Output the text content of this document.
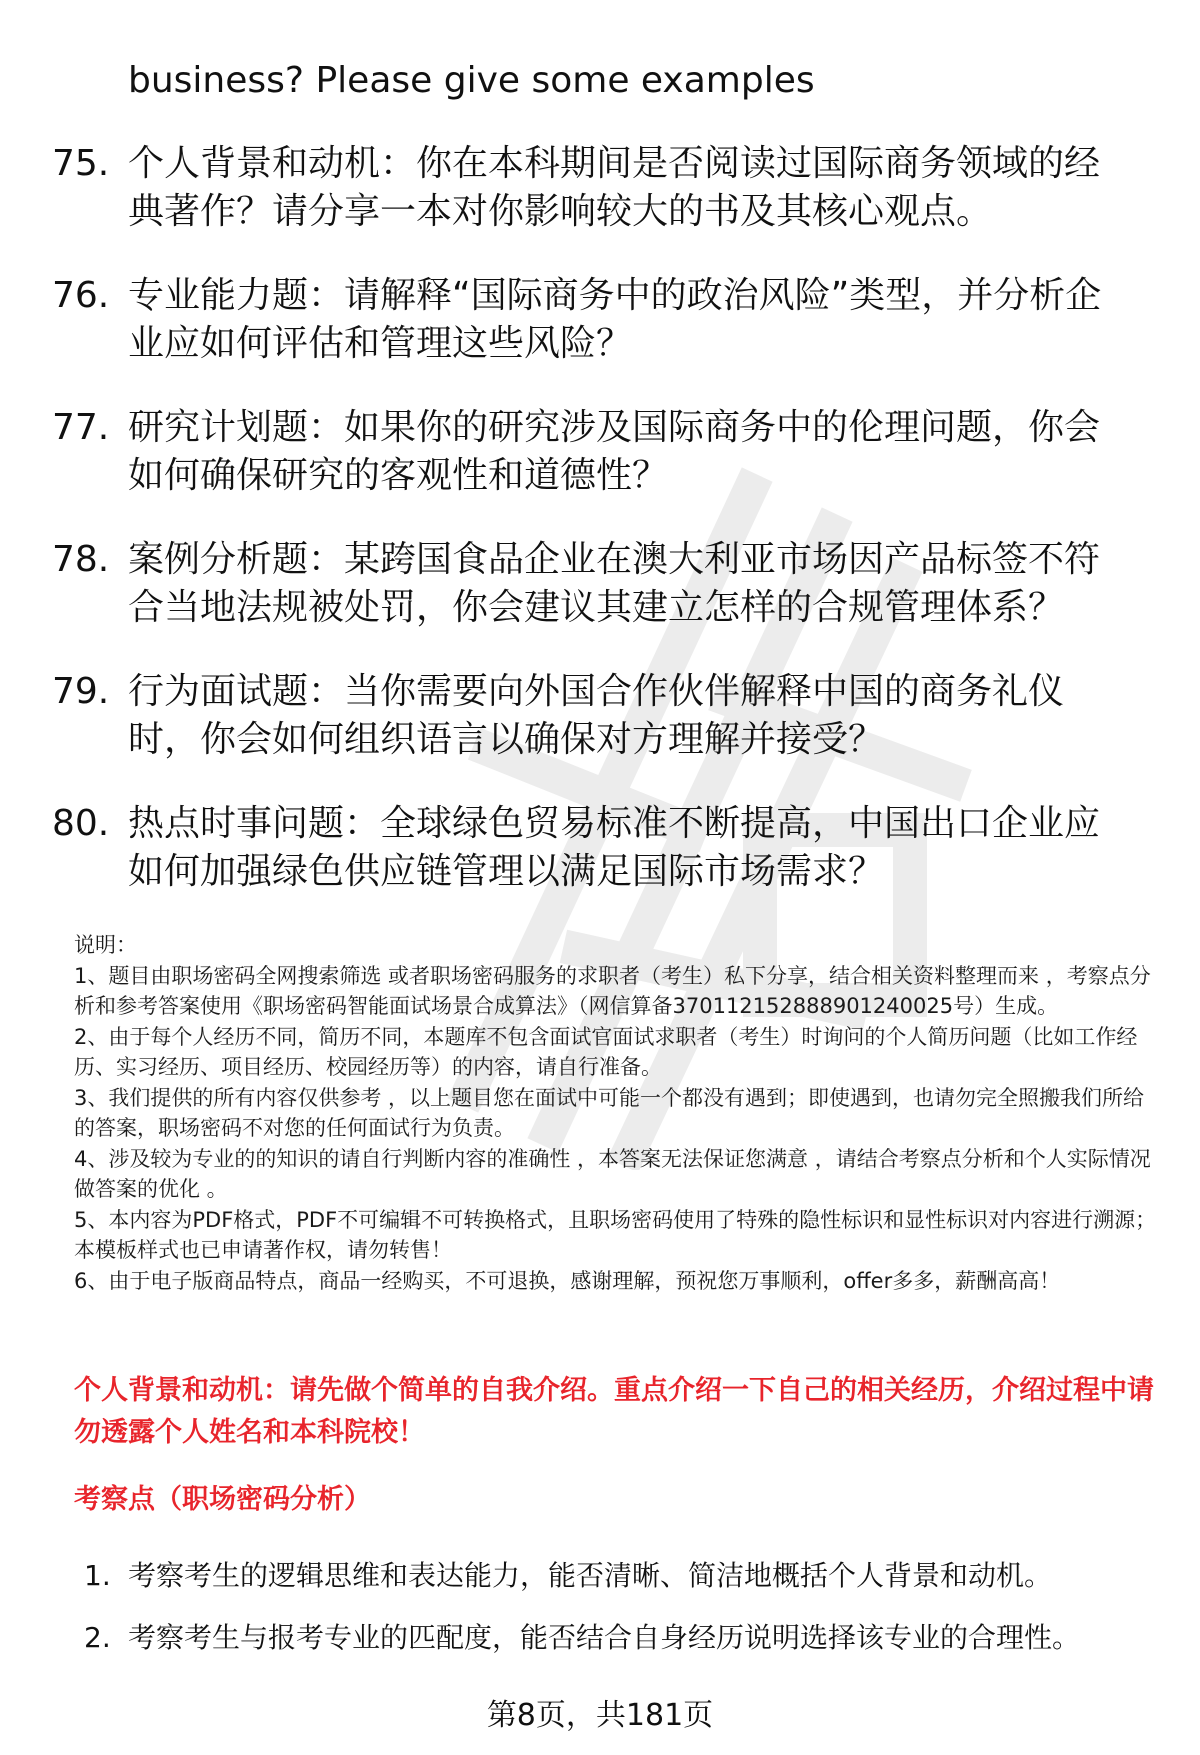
business? Please give some examples
75. 个人背景和动机：你在本科期间是否阅读过国际商务领域的经典著作？请分享一本对你影响较大的书及其核心观点。
76. 专业能力题：请解释“国际商务中的政治风险”类型，并分析企业应如何评估和管理这些风险？
77. 研究计划题：如果你的研究涉及国际商务中的伦理问题，你会如何确保研究的客观性和道德性？
78. 案例分析题：某跨国食品企业在澳大利亚市场因产品标签不符合当地法规被处罚，你会建议其建立怎样的合规管理体系？
79. 行为面试题：当你需要向外国合作伙伴解释中国的商务礼仪时，你会如何组织语言以确保对方理解并接受？
80. 热点时事问题：全球绿色贸易标准不断提高，中国出口企业应如何加强绿色供应链管理以满足国际市场需求？

说明：

1、题目由职场密码全网搜索筛选 或者职场密码服务的求职者（考生）私下分享，结合相关资料整理而来 ，考察点分析和参考答案使用《职场密码智能面试场景合成算法》（网信算备370112152888901240025号）生成。

2、由于每个人经历不同，简历不同，本题库不包含面试官面试求职者（考生）时询问的个人简历问题（比如工作经历、实习经历、项目经历、校园经历等）的内容，请自行准备。

3、我们提供的所有内容仅供参考 ，以上题目您在面试中可能一个都没有遇到；即使遇到，也请勿完全照搬我们所给的答案，职场密码不对您的任何面试行为负责。

4、涉及较为专业的的知识的请自行判断内容的准确性 ，本答案无法保证您满意 ，请结合考察点分析和个人实际情况做答案的优化 。

5、本内容为PDF格式，PDF不可编辑不可转换格式，且职场密码使用了特殊的隐性标识和显性标识对内容进行溯源；本模板样式也已申请著作权，请勿转售！

6、由于电子版商品特点，商品一经购买，不可退换，感谢理解，预祝您万事顺利，offer多多，薪酬高高！

个人背景和动机：请先做个简单的自我介绍。重点介绍一下自己的相关经历，介绍过程中请勿透露个人姓名和本科院校！
考察点（职场密码分析）
1. 考察考生的逻辑思维和表达能力，能否清晰、简洁地概括个人背景和动机。
2. 考察考生与报考专业的匹配度，能否结合自身经历说明选择该专业的合理性。
第8页，共181页
